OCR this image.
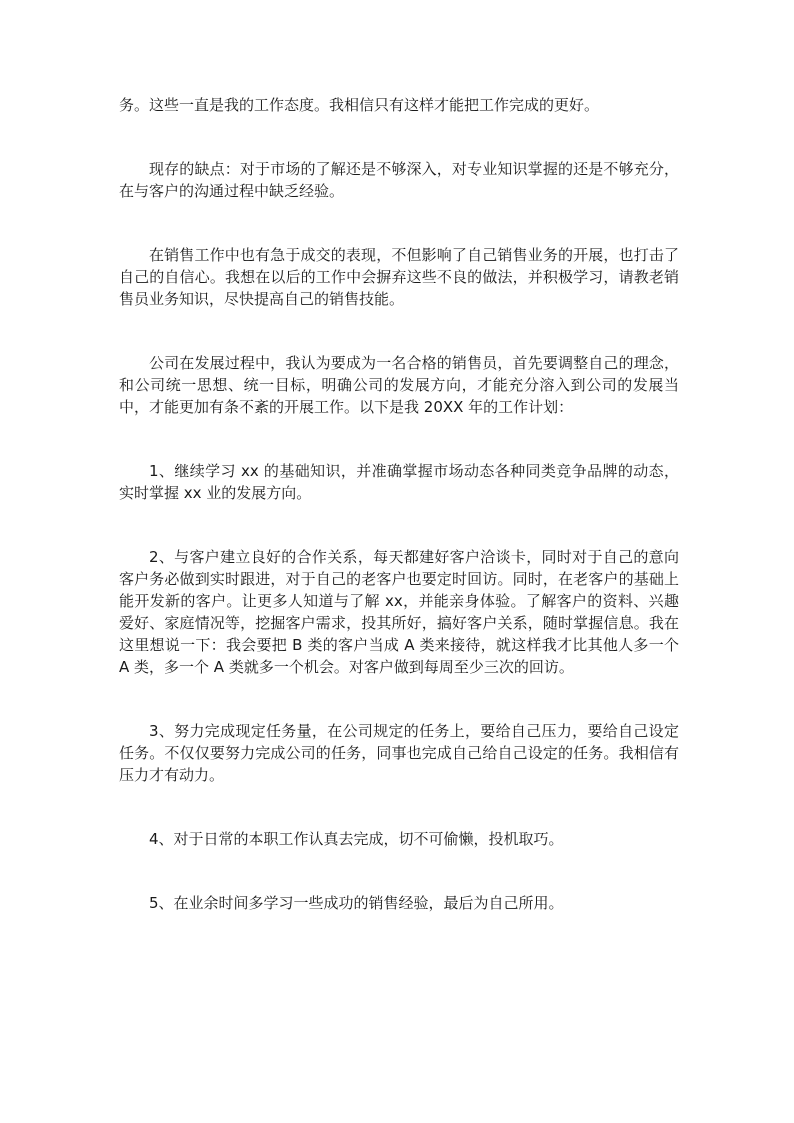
务。这些一直是我的工作态度。我相信只有这样才能把工作完成的更好。

现存的缺点：对于市场的了解还是不够深入，对专业知识掌握的还是不够充分，在与客户的沟通过程中缺乏经验。

在销售工作中也有急于成交的表现，不但影响了自己销售业务的开展，也打击了自己的自信心。我想在以后的工作中会摒弃这些不良的做法，并积极学习，请教老销售员业务知识，尽快提高自己的销售技能。

公司在发展过程中，我认为要成为一名合格的销售员，首先要调整自己的理念，和公司统一思想、统一目标，明确公司的发展方向，才能充分溶入到公司的发展当中，才能更加有条不紊的开展工作。以下是我 20XX 年的工作计划：

1、继续学习 xx 的基础知识，并准确掌握市场动态各种同类竞争品牌的动态，实时掌握 xx 业的发展方向。

2、与客户建立良好的合作关系，每天都建好客户洽谈卡，同时对于自己的意向客户务必做到实时跟进，对于自己的老客户也要定时回访。同时，在老客户的基础上能开发新的客户。让更多人知道与了解 xx，并能亲身体验。了解客户的资料、兴趣爱好、家庭情况等，挖掘客户需求，投其所好，搞好客户关系，随时掌握信息。我在这里想说一下：我会要把 B 类的客户当成 A 类来接待，就这样我才比其他人多一个 A 类，多一个 A 类就多一个机会。对客户做到每周至少三次的回访。

3、努力完成现定任务量，在公司规定的任务上，要给自己压力，要给自己设定任务。不仅仅要努力完成公司的任务，同事也完成自己给自己设定的任务。我相信有压力才有动力。

4、对于日常的本职工作认真去完成，切不可偷懒，投机取巧。

5、在业余时间多学习一些成功的销售经验，最后为自己所用。
